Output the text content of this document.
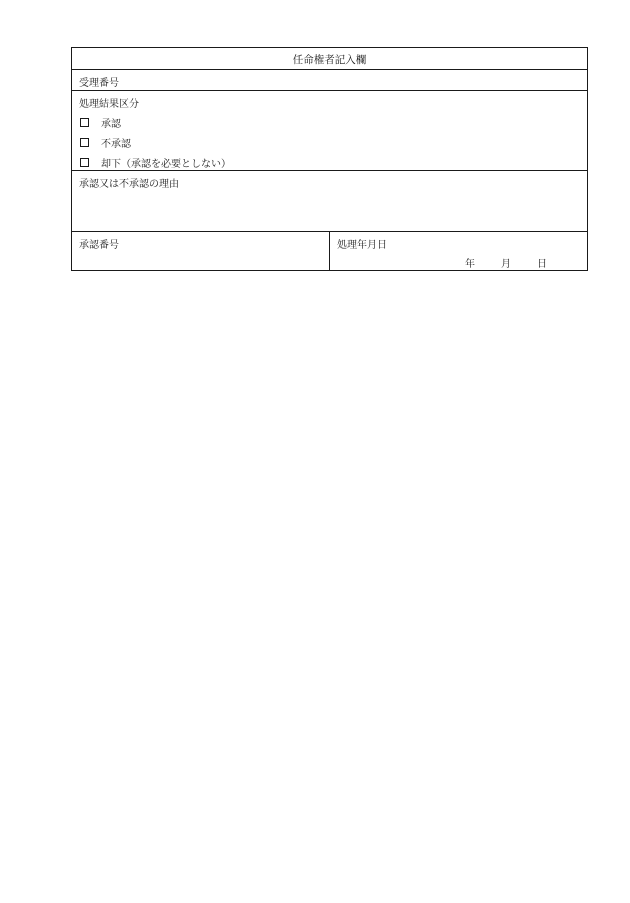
任命権者記入欄
受理番号
処理結果区分
承認
不承認
却下（承認を必要としない）
承認又は不承認の理由
承認番号	処理年月日
年	月	日
